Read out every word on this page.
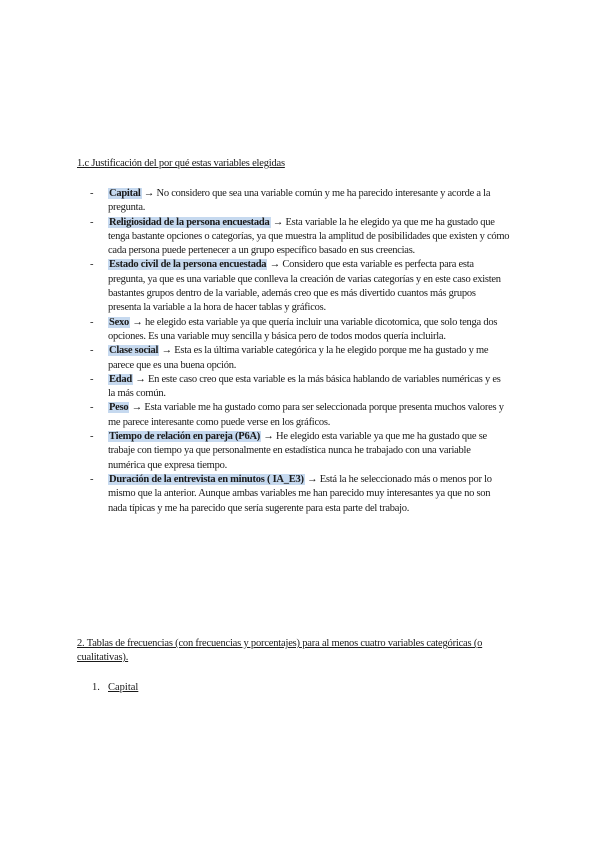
1.c Justificación del por qué estas variables elegidas
- Capital → No considero que sea una variable común y me ha parecido interesante y acorde a la pregunta.
- Religiosidad de la persona encuestada → Esta variable la he elegido ya que me ha gustado que tenga bastante opciones o categorías, ya que muestra la amplitud de posibilidades que existen y cómo cada persona puede pertenecer a un grupo específico basado en sus creencias.
- Estado civil de la persona encuestada → Considero que esta variable es perfecta para esta pregunta, ya que es una variable que conlleva la creación de varias categorías y en este caso existen bastantes grupos dentro de la variable, además creo que es más divertido cuantos más grupos presenta la variable a la hora de hacer tablas y gráficos.
- Sexo → he elegido esta variable ya que quería incluir una variable dicotomica, que solo tenga dos opciones. Es una variable muy sencilla y básica pero de todos modos quería incluirla.
- Clase social → Esta es la última variable categórica y la he elegido porque me ha gustado y me parece que es una buena opción.
- Edad → En este caso creo que esta variable es la más básica hablando de variables numéricas y es la más común.
- Peso → Esta variable me ha gustado como para ser seleccionada porque presenta muchos valores y me parece interesante como puede verse en los gráficos.
- Tiempo de relación en pareja (P6A) → He elegido esta variable ya que me ha gustado que se trabaje con tiempo ya que personalmente en estadística nunca he trabajado con una variable numérica que expresa tiempo.
- Duración de la entrevista en minutos ( IA_E3) → Está la he seleccionado más o menos por lo mismo que la anterior. Aunque ambas variables me han parecido muy interesantes ya que no son nada típicas y me ha parecido que sería sugerente para esta parte del trabajo.
2. Tablas de frecuencias (con frecuencias y porcentajes) para al menos cuatro variables categóricas (o cualitativas).
1. Capital
